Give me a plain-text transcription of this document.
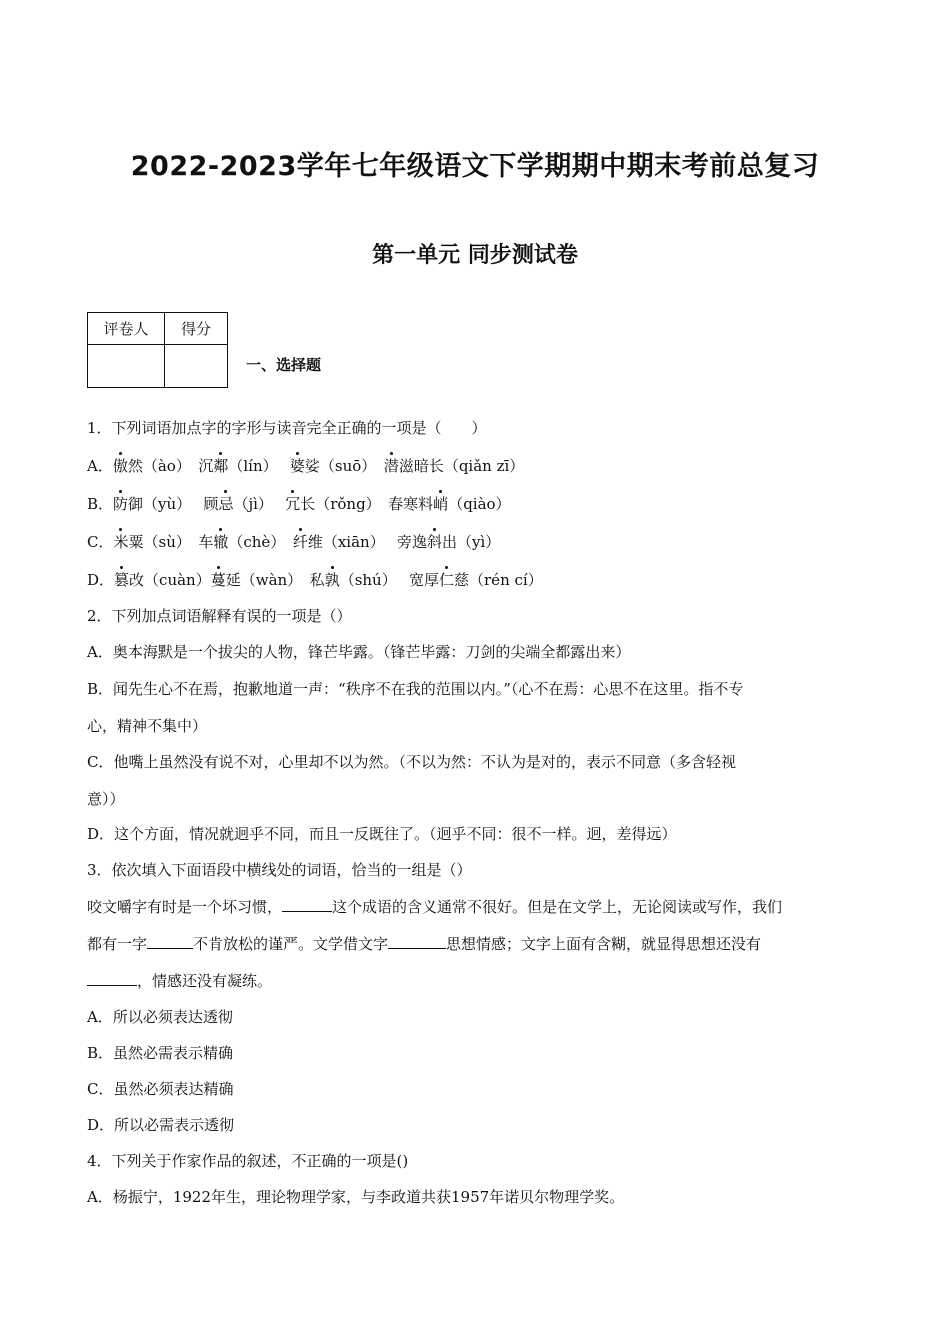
2022-2023学年七年级语文下学期期中期末考前总复习
第一单元 同步测试卷
评卷人	得分

一、选择题
1．下列词语加点字的字形与读音完全正确的一项是（　　）
A．傲然（ào）　沉鄰（lín）　 婆娑（suō）　潜滋暗长（qiǎn zī）
B．防御（yù）　 顾忌（jì）　 冗长（rǒng）　春寒料峭（qiào）
C．米粟（sù）　车辙（chè）　纤维（xiān）　 旁逸斜出（yì）
D．篡改（cuàn）蔓延（wàn）　私孰（shú）　 宽厚仁慈（rén cí）
2．下列加点词语解释有误的一项是（）
A．奥本海默是一个拔尖的人物，锋芒毕露。（锋芒毕露：刀剑的尖端全都露出来）
B．闻先生心不在焉，抱歉地道一声：“秩序不在我的范围以内。”（心不在焉：心思不在这里。指不专
心，精神不集中）
C．他嘴上虽然没有说不对，心里却不以为然。（不以为然：不认为是对的，表示不同意（多含轻视
意））
D．这个方面，情况就迥乎不同，而且一反既往了。（迥乎不同：很不一样。迥，差得远）
3．依次填入下面语段中横线处的词语，恰当的一组是（）
咬文嚼字有时是一个坏习惯，	这个成语的含义通常不很好。但是在文学上，无论阅读或写作，我们
都有一字	不肯放松的谨严。文学借文字	思想情感；文字上面有含糊，就显得思想还没有
，情感还没有凝练。
A．所以必须表达透彻
B．虽然必需表示精确
C．虽然必须表达精确
D．所以必需表示透彻
4．下列关于作家作品的叙述，不正确的一项是()
A．杨振宁，1922年生，理论物理学家，与李政道共获1957年诺贝尔物理学奖。
